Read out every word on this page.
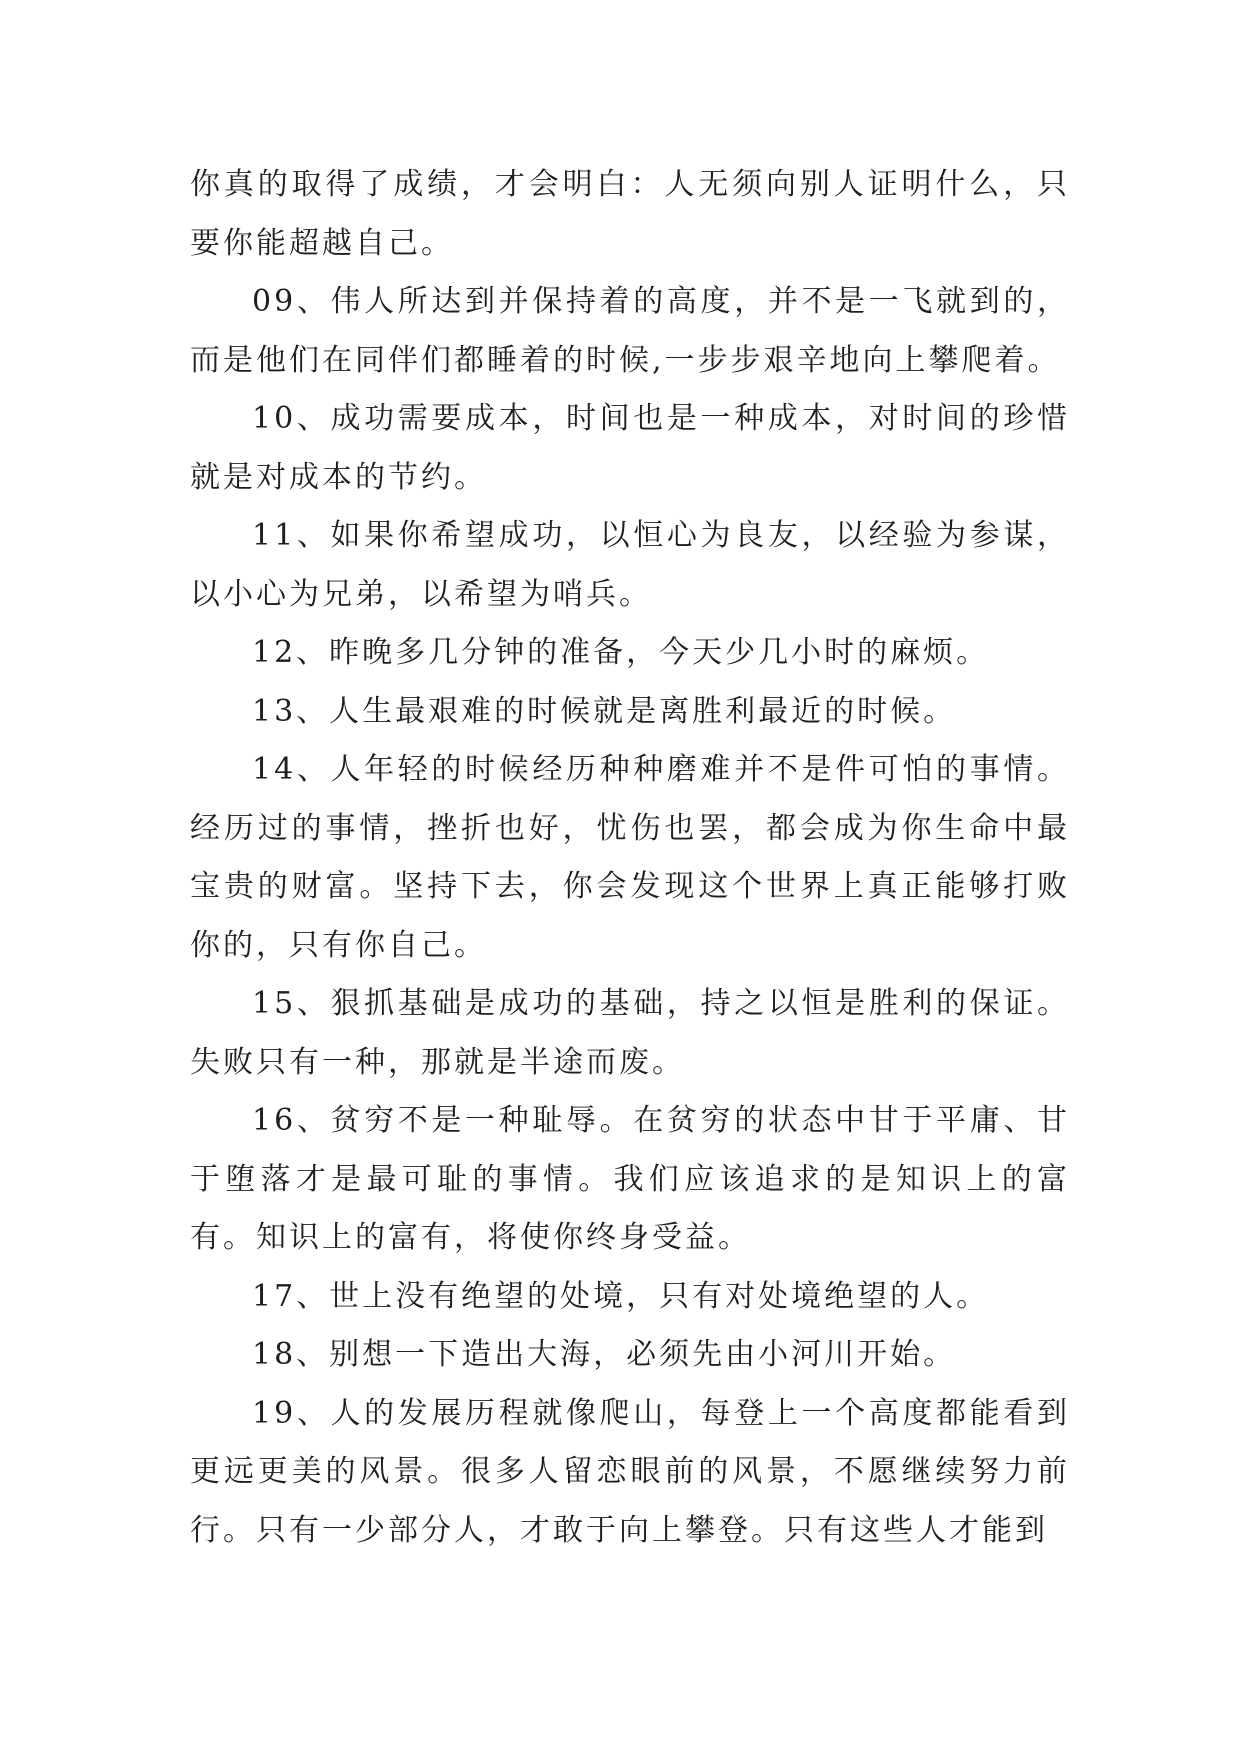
你真的取得了成绩，才会明白：人无须向别人证明什么，只要你能超越自己。

09、伟人所达到并保持着的高度，并不是一飞就到的，而是他们在同伴们都睡着的时候,一步步艰辛地向上攀爬着。

10、成功需要成本，时间也是一种成本，对时间的珍惜就是对成本的节约。

11、如果你希望成功，以恒心为良友，以经验为参谋，以小心为兄弟，以希望为哨兵。

12、昨晚多几分钟的准备，今天少几小时的麻烦。

13、人生最艰难的时候就是离胜利最近的时候。

14、人年轻的时候经历种种磨难并不是件可怕的事情。经历过的事情，挫折也好，忧伤也罢，都会成为你生命中最宝贵的财富。坚持下去，你会发现这个世界上真正能够打败你的，只有你自己。

15、狠抓基础是成功的基础，持之以恒是胜利的保证。失败只有一种，那就是半途而废。

16、贫穷不是一种耻辱。在贫穷的状态中甘于平庸、甘于堕落才是最可耻的事情。我们应该追求的是知识上的富有。知识上的富有，将使你终身受益。

17、世上没有绝望的处境，只有对处境绝望的人。

18、别想一下造出大海，必须先由小河川开始。

19、人的发展历程就像爬山，每登上一个高度都能看到更远更美的风景。很多人留恋眼前的风景，不愿继续努力前行。只有一少部分人，才敢于向上攀登。只有这些人才能到
